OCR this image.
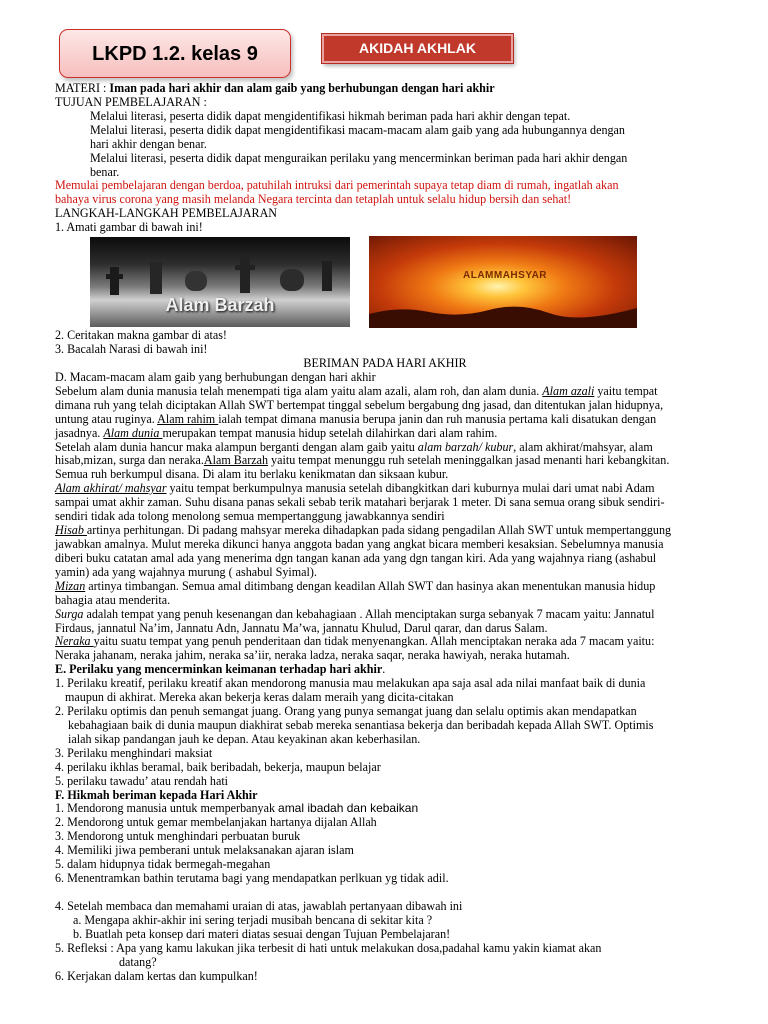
LKPD 1.2. kelas 9	AKIDAH AKHLAK

MATERI : Iman pada hari akhir dan alam gaib yang berhubungan dengan hari akhir

TUJUAN PEMBELAJARAN :

Melalui literasi, peserta didik dapat mengidentifikasi hikmah beriman pada hari akhir dengan tepat.

Melalui literasi, peserta didik dapat mengidentifikasi macam-macam alam gaib yang ada hubungannya dengan

hari akhir dengan benar.

Melalui literasi, peserta didik dapat menguraikan perilaku yang mencerminkan beriman pada hari akhir dengan

benar.

Memulai pembelajaran dengan berdoa, patuhilah intruksi dari pemerintah supaya tetap diam di rumah, ingatlah akan

bahaya virus corona yang masih melanda Negara tercinta dan tetaplah untuk selalu hidup bersih dan sehat!

LANGKAH-LANGKAH PEMBELAJARAN

1. Amati gambar di bawah ini!

Alam Barzah
ALAMMAHSYAR

2. Ceritakan makna gambar di atas!

3. Bacalah Narasi di bawah ini!

BERIMAN PADA HARI AKHIR

D. Macam-macam alam gaib yang berhubungan dengan hari akhir

Sebelum alam dunia manusia telah menempati tiga alam yaitu alam azali, alam roh, dan alam dunia. Alam azali yaitu tempat
dimana ruh yang telah diciptakan Allah SWT bertempat tinggal sebelum bergabung dng jasad, dan ditentukan jalan hidupnya,
untung atau ruginya. Alam rahim ialah tempat dimana manusia berupa janin dan ruh manusia pertama kali disatukan dengan
jasadnya. Alam dunia merupakan tempat manusia hidup setelah dilahirkan dari alam rahim.

Setelah alam dunia hancur maka alampun berganti dengan alam gaib yaitu alam barzah/ kubur, alam akhirat/mahsyar, alam
hisab,mizan, surga dan neraka.Alam Barzah yaitu tempat menunggu ruh setelah meninggalkan jasad menanti hari kebangkitan.
Semua ruh berkumpul disana. Di alam itu berlaku kenikmatan dan siksaan kubur.

Alam akhirat/ mahsyar yaitu tempat berkumpulnya manusia setelah dibangkitkan dari kuburnya mulai dari umat nabi Adam
sampai umat akhir zaman. Suhu disana panas sekali sebab terik matahari berjarak 1 meter. Di sana semua orang sibuk sendiri-
sendiri tidak ada tolong menolong semua mempertanggung jawabkannya sendiri

Hisab artinya perhitungan. Di padang mahsyar mereka dihadapkan pada sidang pengadilan Allah SWT untuk mempertanggung
jawabkan amalnya. Mulut mereka dikunci hanya anggota badan yang angkat bicara memberi kesaksian. Sebelumnya manusia
diberi buku catatan amal ada yang menerima dgn tangan kanan ada yang dgn tangan kiri. Ada yang wajahnya riang (ashabul
yamin) ada yang wajahnya murung ( ashabul Syimal).

Mizan artinya timbangan. Semua amal ditimbang dengan keadilan Allah SWT dan hasinya akan menentukan manusia hidup
bahagia atau menderita.

Surga adalah tempat yang penuh kesenangan dan kebahagiaan . Allah menciptakan surga sebanyak 7 macam yaitu: Jannatul
Firdaus, jannatul Na’im, Jannatu Adn, Jannatu Ma’wa, jannatu Khulud, Darul qarar, dan darus Salam.

Neraka yaitu suatu tempat yang penuh penderitaan dan tidak menyenangkan. Allah menciptakan neraka ada 7 macam yaitu:
Neraka jahanam, neraka jahim, neraka sa’iir, neraka ladza, neraka saqar, neraka hawiyah, neraka hutamah.

E. Perilaku yang mencerminkan keimanan terhadap hari akhir.

1. Perilaku kreatif, perilaku kreatif akan mendorong manusia mau melakukan apa saja asal ada nilai manfaat baik di dunia

maupun di akhirat. Mereka akan bekerja keras dalam meraih yang dicita-citakan

2. Perilaku optimis dan penuh semangat juang. Orang yang punya semangat juang dan selalu optimis akan mendapatkan

kebahagiaan baik di dunia maupun diakhirat sebab mereka senantiasa bekerja dan beribadah kepada Allah SWT. Optimis

ialah sikap pandangan jauh ke depan. Atau keyakinan akan keberhasilan.

3. Perilaku menghindari maksiat

4. perilaku ikhlas beramal, baik beribadah, bekerja, maupun belajar

5. perilaku tawadu’ atau rendah hati

F. Hikmah beriman kepada Hari Akhir

1. Mendorong manusia untuk memperbanyak amal ibadah dan kebaikan

2. Mendorong untuk gemar membelanjakan hartanya dijalan Allah

3. Mendorong untuk menghindari perbuatan buruk

4. Memiliki jiwa pemberani untuk melaksanakan ajaran islam

5. dalam hidupnya tidak bermegah-megahan

6. Menentramkan bathin terutama bagi yang mendapatkan perlkuan yg tidak adil.

4. Setelah membaca dan memahami uraian di atas, jawablah pertanyaan dibawah ini

a. Mengapa akhir-akhir ini sering terjadi musibah bencana di sekitar kita ?

b. Buatlah peta konsep dari materi diatas sesuai dengan Tujuan Pembelajaran!

5. Refleksi : Apa yang kamu lakukan jika terbesit di hati untuk melakukan dosa,padahal kamu yakin kiamat akan

datang?

6. Kerjakan dalam kertas dan kumpulkan!
